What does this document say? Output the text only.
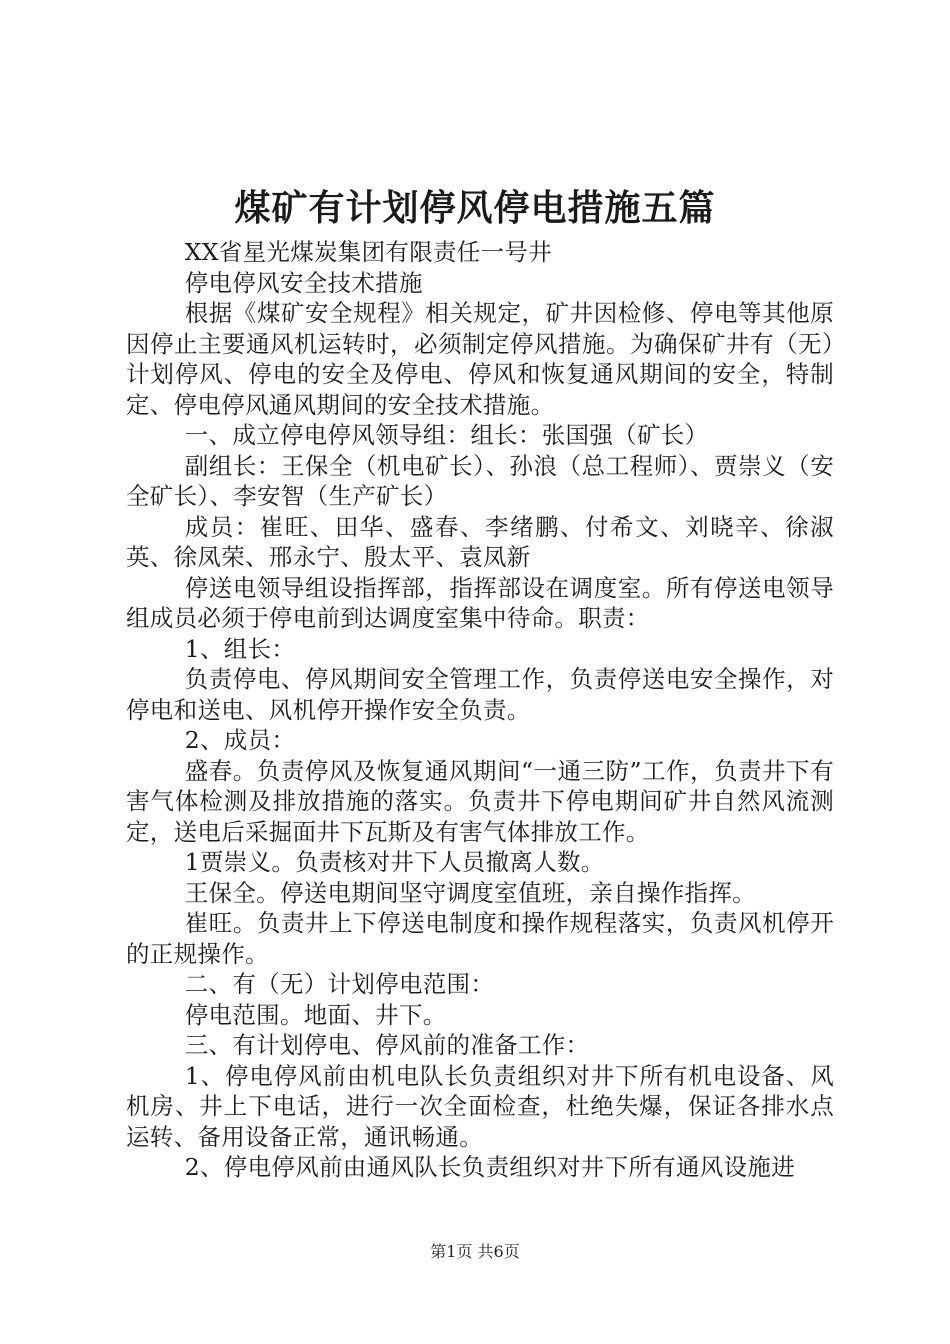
煤矿有计划停风停电措施五篇

XX省星光煤炭集团有限责任一号井

停电停风安全技术措施

根据《煤矿安全规程》相关规定，矿井因检修、停电等其他原因停止主要通风机运转时，必须制定停风措施。为确保矿井有（无）计划停风、停电的安全及停电、停风和恢复通风期间的安全，特制定、停电停风通风期间的安全技术措施。

一、成立停电停风领导组：组长：张国强（矿长）

副组长：王保全（机电矿长）、孙浪（总工程师）、贾崇义（安全矿长）、李安智（生产矿长）

成员：崔旺、田华、盛春、李绪鹏、付希文、刘晓辛、徐淑英、徐凤荣、邢永宁、殷太平、袁凤新

停送电领导组设指挥部，指挥部设在调度室。所有停送电领导组成员必须于停电前到达调度室集中待命。职责：

1、组长：

负责停电、停风期间安全管理工作，负责停送电安全操作，对停电和送电、风机停开操作安全负责。

2、成员：

盛春。负责停风及恢复通风期间“一通三防”工作，负责井下有害气体检测及排放措施的落实。负责井下停电期间矿井自然风流测定，送电后采掘面井下瓦斯及有害气体排放工作。

1贾崇义。负责核对井下人员撤离人数。

王保全。停送电期间坚守调度室值班，亲自操作指挥。

崔旺。负责井上下停送电制度和操作规程落实，负责风机停开的正规操作。

二、有（无）计划停电范围：

停电范围。地面、井下。

三、有计划停电、停风前的准备工作：

1、停电停风前由机电队长负责组织对井下所有机电设备、风机房、井上下电话，进行一次全面检查，杜绝失爆，保证各排水点运转、备用设备正常，通讯畅通。

2、停电停风前由通风队长负责组织对井下所有通风设施进

第1页 共6页
